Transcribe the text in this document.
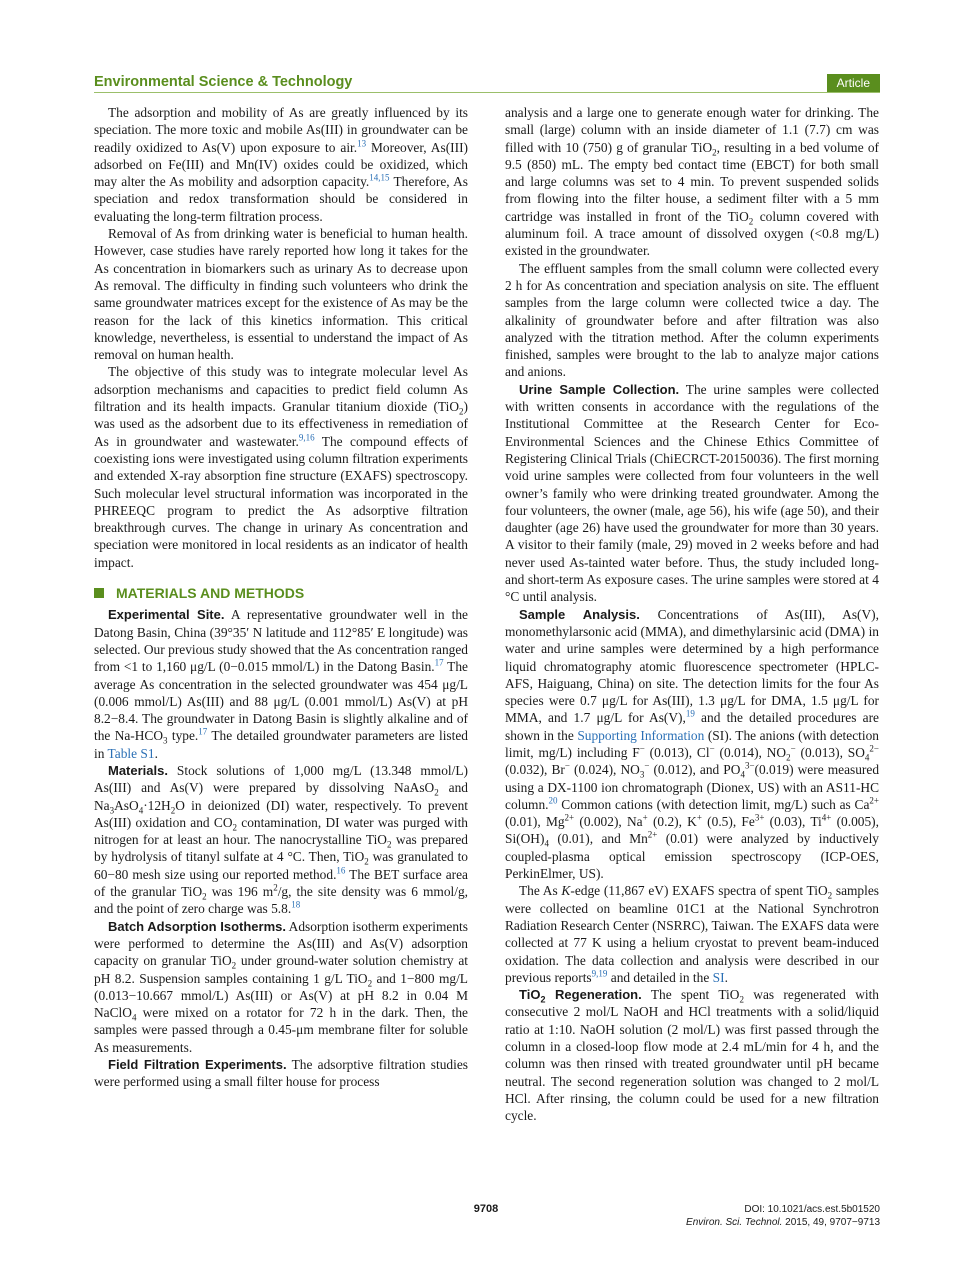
Environmental Science & Technology	Article

The adsorption and mobility of As are greatly influenced by its speciation. The more toxic and mobile As(III) in groundwater can be readily oxidized to As(V) upon exposure to air.$^{13}$ Moreover, As(III) adsorbed on Fe(III) and Mn(IV) oxides could be oxidized, which may alter the As mobility and adsorption capacity.$^{14,15}$ Therefore, As speciation and redox transformation should be considered in evaluating the long-term filtration process.

Removal of As from drinking water is beneficial to human health. However, case studies have rarely reported how long it takes for the As concentration in biomarkers such as urinary As to decrease upon As removal. The difficulty in finding such volunteers who drink the same groundwater matrices except for the existence of As may be the reason for the lack of this kinetics information. This critical knowledge, nevertheless, is essential to understand the impact of As removal on human health.

The objective of this study was to integrate molecular level As adsorption mechanisms and capacities to predict field column As filtration and its health impacts. Granular titanium dioxide (TiO$_2$) was used as the adsorbent due to its effectiveness in remediation of As in groundwater and wastewater.$^{9,16}$ The compound effects of coexisting ions were investigated using column filtration experiments and extended X-ray absorption fine structure (EXAFS) spectroscopy. Such molecular level structural information was incorporated in the PHREEQC program to predict the As adsorptive filtration breakthrough curves. The change in urinary As concentration and speciation were monitored in local residents as an indicator of health impact.

MATERIALS AND METHODS

Experimental Site. A representative groundwater well in the Datong Basin, China (39°35′ N latitude and 112°85′ E longitude) was selected. Our previous study showed that the As concentration ranged from <1 to 1,160 μg/L (0−0.015 mmol/L) in the Datong Basin.$^{17}$ The average As concentration in the selected groundwater was 454 μg/L (0.006 mmol/L) As(III) and 88 μg/L (0.001 mmol/L) As(V) at pH 8.2−8.4. The groundwater in Datong Basin is slightly alkaline and of the $Na-HCO_3$ type.$^{17}$ The detailed groundwater parameters are listed in Table S1.

Materials. Stock solutions of 1,000 mg/L (13.348 mmol/L) As(III) and As(V) were prepared by dissolving NaAsO$_2$ and $Na_3AsO_4\cdot 12H_2O$ in deionized (DI) water, respectively. To prevent As(III) oxidation and $CO_2$ contamination, DI water was purged with nitrogen for at least an hour. The nanocrystalline TiO$_2$ was prepared by hydrolysis of titanyl sulfate at 4 °C. Then, TiO$_2$ was granulated to 60−80 mesh size using our reported method.$^{16}$ The BET surface area of the granular TiO$_2$ was 196 $m^2/g$, the site density was 6 mmol/g, and the point of zero charge was 5.8.18

Batch Adsorption Isotherms. Adsorption isotherm experiments were performed to determine the As(III) and As(V) adsorption capacity on granular TiO$_2$ under ground-water solution chemistry at pH 8.2. Suspension samples containing 1 g/L TiO$_2$ and 1−800 mg/L (0.013−10.667 mmol/L) As(III) or As(V) at pH 8.2 in 0.04 M NaClO$_4$ were mixed on a rotator for 72 h in the dark. Then, the samples were passed through a 0.45-μm membrane filter for soluble As measurements.

Field Filtration Experiments. The adsorptive filtration studies were performed using a small filter house for process

analysis and a large one to generate enough water for drinking. The small (large) column with an inside diameter of 1.1 (7.7) cm was filled with 10 (750) g of granular TiO$_2$, resulting in a bed volume of 9.5 (850) mL. The empty bed contact time (EBCT) for both small and large columns was set to 4 min. To prevent suspended solids from flowing into the filter house, a sediment filter with a 5 mm cartridge was installed in front of the TiO$_2$ column covered with aluminum foil. A trace amount of dissolved oxygen (<0.8 mg/L) existed in the groundwater.

The effluent samples from the small column were collected every 2 h for As concentration and speciation analysis on site. The effluent samples from the large column were collected twice a day. The alkalinity of groundwater before and after filtration was also analyzed with the titration method. After the column experiments finished, samples were brought to the lab to analyze major cations and anions.

Urine Sample Collection. The urine samples were collected with written consents in accordance with the regulations of the Institutional Committee at the Research Center for Eco-Environmental Sciences and the Chinese Ethics Committee of Registering Clinical Trials (ChiECRCT-20150036). The first morning void urine samples were collected from four volunteers in the well owner’s family who were drinking treated groundwater. Among the four volunteers, the owner (male, age 56), his wife (age 50), and their daughter (age 26) have used the groundwater for more than 30 years. A visitor to their family (male, 29) moved in 2 weeks before and had never used As-tainted water before. Thus, the study included long- and short-term As exposure cases. The urine samples were stored at 4 °C until analysis.

Sample Analysis. Concentrations of As(III), As(V), monomethylarsonic acid (MMA), and dimethylarsinic acid (DMA) in water and urine samples were determined by a high performance liquid chromatography atomic fluorescence spectrometer (HPLC-AFS, Haiguang, China) on site. The detection limits for the four As species were 0.7 μg/L for As(III), 1.3 μg/L for DMA, 1.5 μg/L for MMA, and 1.7 μg/L for As(V),$^{19}$ and the detailed procedures are shown in the Supporting Information (SI). The anions (with detection limit, mg/L) including F− (0.013), Cl− (0.014), $NO_2^-$ (0.013), $SO_4^{2-}$ (0.032), Br− (0.024), $NO_3^-$ (0.012), and $PO_4^{3-}(0.019)$ were measured using a DX-1100 ion chromatograph (Dionex, US) with an AS11-HC column.$^{20}$ Common cations (with detection limit, mg/L) such as $Ca^{2+}$ (0.01), $Mg^{2+}$ (0.002), Na+ (0.2), K+ (0.5), $Fe^{3+}$ (0.03), $Ti^{4+}$ (0.005), $Si(OH)_4$ (0.01), and $Mn^{2+}$ (0.01) were analyzed by inductively coupled-plasma optical emission spectroscopy (ICP-OES, PerkinElmer, US).

The As K-edge (11,867 eV) EXAFS spectra of spent TiO$_2$ samples were collected on beamline 01C1 at the National Synchrotron Radiation Research Center (NSRRC), Taiwan. The EXAFS data were collected at 77 K using a helium cryostat to prevent beam-induced oxidation. The data collection and analysis were described in our previous reports$^{9,19}$ and detailed in the SI.

TiO$_2$ Regeneration. The spent TiO$_2$ was regenerated with consecutive 2 mol/L NaOH and HCl treatments with a solid/liquid ratio at 1:10. NaOH solution (2 mol/L) was first passed through the column in a closed-loop flow mode at 2.4 mL/min for 4 h, and the column was then rinsed with treated groundwater until pH became neutral. The second regeneration solution was changed to 2 mol/L HCl. After rinsing, the column could be used for a new filtration cycle.

9708	DOI: 10.1021/acs.est.5b01520
Environ. Sci. Technol. 2015, 49, 9707−9713
